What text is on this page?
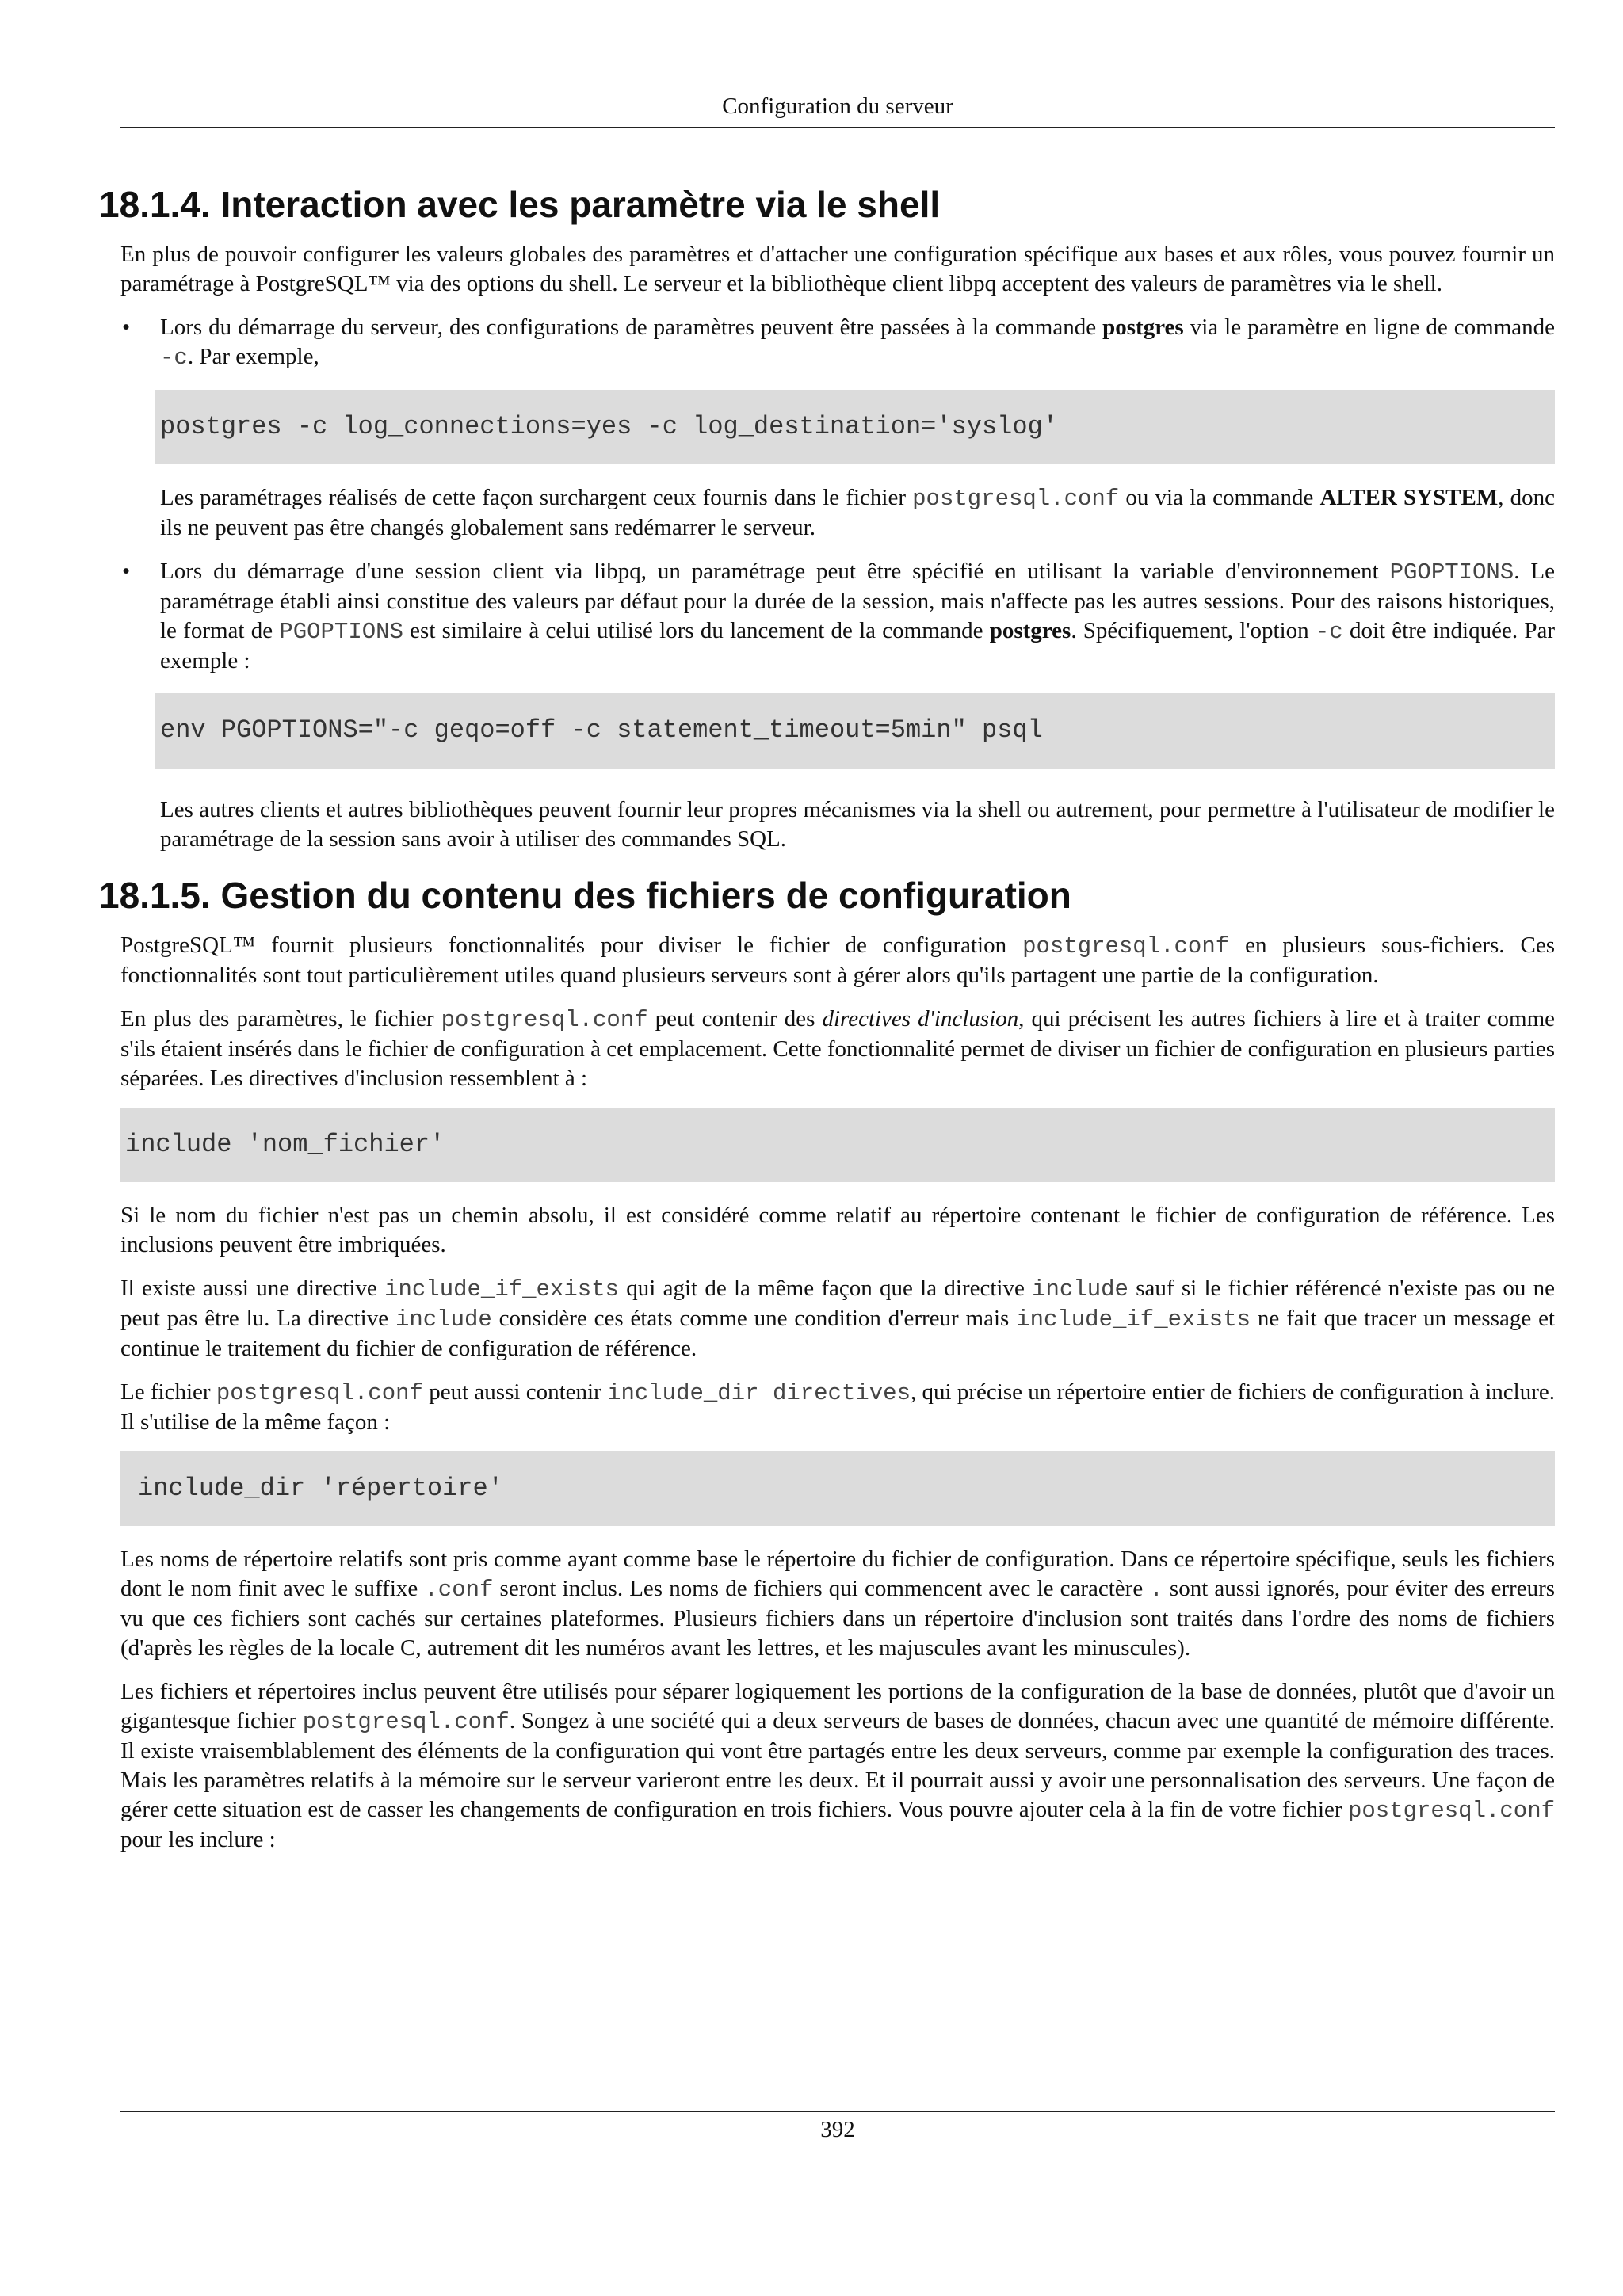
Configuration du serveur
18.1.4. Interaction avec les paramètre via le shell

En plus de pouvoir configurer les valeurs globales des paramètres et d'attacher une configuration spécifique aux bases et aux rôles, vous pouvez fournir un paramétrage à PostgreSQL™ via des options du shell. Le serveur et la bibliothèque client libpq acceptent des valeurs de paramètres via le shell.

• Lors du démarrage du serveur, des configurations de paramètres peuvent être passées à la commande postgres via le paramètre en ligne de commande -c. Par exemple,

postgres -c log_connections=yes -c log_destination='syslog'

Les paramétrages réalisés de cette façon surchargent ceux fournis dans le fichier postgresql.conf ou via la commande ALTER SYSTEM, donc ils ne peuvent pas être changés globalement sans redémarrer le serveur.

• Lors du démarrage d'une session client via libpq, un paramétrage peut être spécifié en utilisant la variable d'environnement PGOPTIONS. Le paramétrage établi ainsi constitue des valeurs par défaut pour la durée de la session, mais n'affecte pas les autres sessions. Pour des raisons historiques, le format de PGOPTIONS est similaire à celui utilisé lors du lancement de la commande postgres. Spécifiquement, l'option -c doit être indiquée. Par exemple :

env PGOPTIONS="-c geqo=off -c statement_timeout=5min" psql

Les autres clients et autres bibliothèques peuvent fournir leur propres mécanismes via la shell ou autrement, pour permettre à l'utilisateur de modifier le paramétrage de la session sans avoir à utiliser des commandes SQL.

18.1.5. Gestion du contenu des fichiers de configuration

PostgreSQL™ fournit plusieurs fonctionnalités pour diviser le fichier de configuration postgresql.conf en plusieurs sous-fichiers. Ces fonctionnalités sont tout particulièrement utiles quand plusieurs serveurs sont à gérer alors qu'ils partagent une partie de la configuration.

En plus des paramètres, le fichier postgresql.conf peut contenir des directives d'inclusion, qui précisent les autres fichiers à lire et à traiter comme s'ils étaient insérés dans le fichier de configuration à cet emplacement. Cette fonctionnalité permet de diviser un fichier de configuration en plusieurs parties séparées. Les directives d'inclusion ressemblent à :

include 'nom_fichier'

Si le nom du fichier n'est pas un chemin absolu, il est considéré comme relatif au répertoire contenant le fichier de configuration de référence. Les inclusions peuvent être imbriquées.

Il existe aussi une directive include_if_exists qui agit de la même façon que la directive include sauf si le fichier référencé n'existe pas ou ne peut pas être lu. La directive include considère ces états comme une condition d'erreur mais include_if_exists ne fait que tracer un message et continue le traitement du fichier de configuration de référence.

Le fichier postgresql.conf peut aussi contenir include_dir directives, qui précise un répertoire entier de fichiers de configuration à inclure. Il s'utilise de la même façon :

include_dir 'répertoire'

Les noms de répertoire relatifs sont pris comme ayant comme base le répertoire du fichier de configuration. Dans ce répertoire spécifique, seuls les fichiers dont le nom finit avec le suffixe .conf seront inclus. Les noms de fichiers qui commencent avec le caractère . sont aussi ignorés, pour éviter des erreurs vu que ces fichiers sont cachés sur certaines plateformes. Plusieurs fichiers dans un répertoire d'inclusion sont traités dans l'ordre des noms de fichiers (d'après les règles de la locale C, autrement dit les numéros avant les lettres, et les majuscules avant les minuscules).

Les fichiers et répertoires inclus peuvent être utilisés pour séparer logiquement les portions de la configuration de la base de données, plutôt que d'avoir un gigantesque fichier postgresql.conf. Songez à une société qui a deux serveurs de bases de données, chacun avec une quantité de mémoire différente. Il existe vraisemblablement des éléments de la configuration qui vont être partagés entre les deux serveurs, comme par exemple la configuration des traces. Mais les paramètres relatifs à la mémoire sur le serveur varieront entre les deux. Et il pourrait aussi y avoir une personnalisation des serveurs. Une façon de gérer cette situation est de casser les changements de configuration en trois fichiers. Vous pouvre ajouter cela à la fin de votre fichier postgresql.conf pour les inclure :

392
